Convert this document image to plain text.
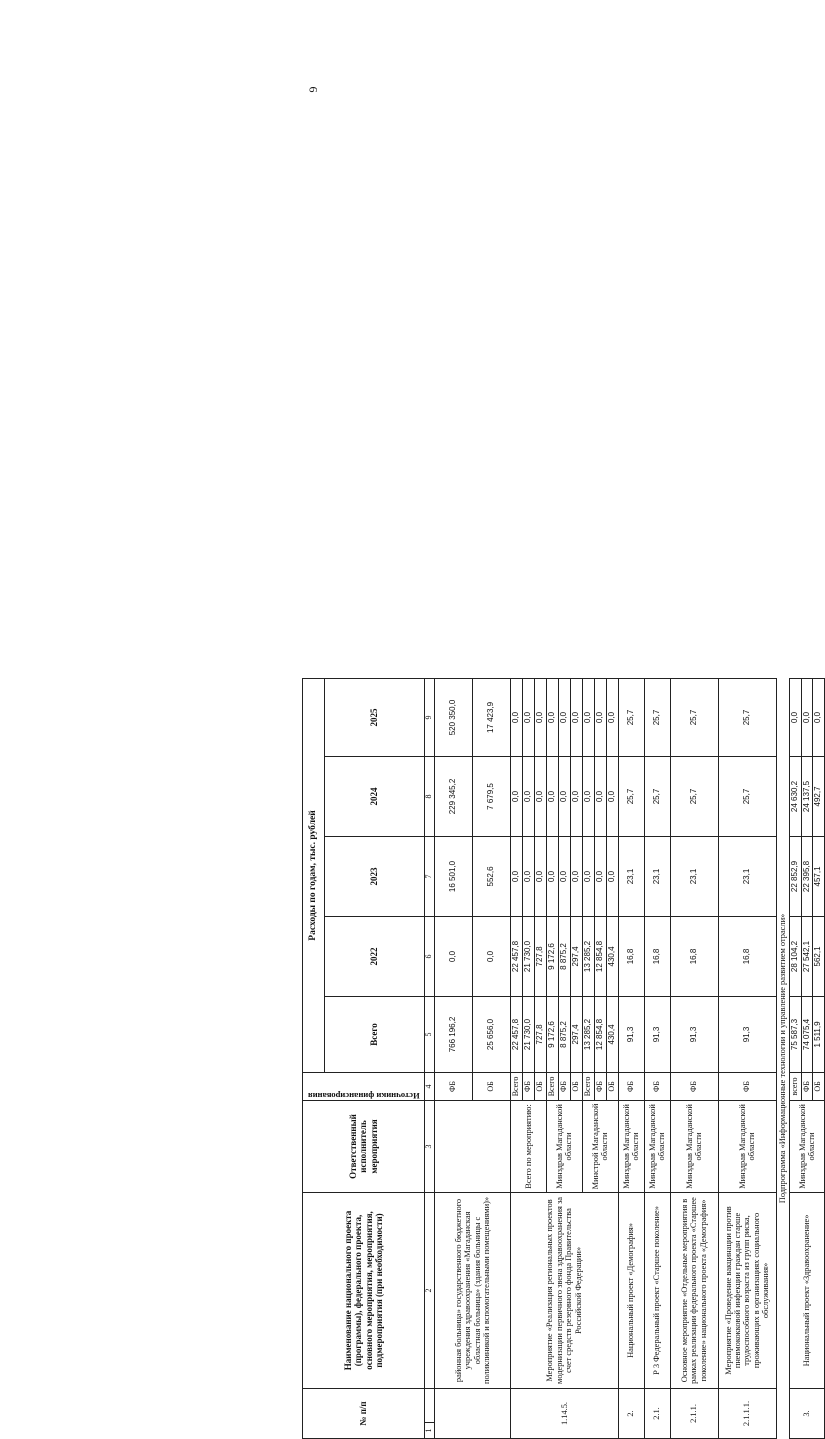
6
№ п/п		Наименование национального проекта (программы), федерального проекта, основного мероприятия, мероприятия, подмероприятия (при необходимости)	Ответственный исполнитель мероприятия	Источники финансирования	Расходы по годам, тыс. рублей				
					Всего	2022	2023	2024	2025
1		2	3	4	5	6	7	8	9
		районная больница» государственного бюджетного учреждения здравоохранения «Магаданская областная больница» (здания больницы с поликлиникой и вспомогательными помещениями)»		ФБ	766 196,2	0,0	16 501,0	229 345,2	520 350,0
				ОБ	25 656,0	0,0	552,6	7 679,5	17 423,9
1.14.5.		Мероприятие «Реализация региональных проектов модернизации первичного звена здравоохранения за счет средств резервного фонда Правительства Российской Федерации»	Всего по мероприятию:	Всего	22 457,8	22 457,8	0,0	0,0	0,0
				ФБ	21 730,0	21 730,0	0,0	0,0	0,0
				ОБ	727,8	727,8	0,0	0,0	0,0
			Минздрав Магаданской области	Всего	9 172,6	9 172,6	0,0	0,0	0,0
				ФБ	8 875,2	8 875,2	0,0	0,0	0,0
				ОБ	297,4	297,4	0,0	0,0	0,0
			Минстрой Магаданской области	Всего	13 285,2	13 285,2	0,0	0,0	0,0
				ФБ	12 854,8	12 854,8	0,0	0,0	0,0
				ОБ	430,4	430,4	0,0	0,0	0,0
2.		Национальный проект «Демография»	Минздрав Магаданской области	ФБ	91,3	16,8	23,1	25,7	25,7
2.1.		Р 3 Федеральный проект «Старшее поколение»	Минздрав Магаданской области	ФБ	91,3	16,8	23,1	25,7	25,7
2.1.1.		Основное мероприятие «Отдельные мероприятия в рамках реализации федерального проекта «Старшее поколение» национального проекта «Демография»	Минздрав Магаданской области	ФБ	91,3	16,8	23,1	25,7	25,7
2.1.1.1.		Мероприятие «Проведение вакцинации против пневмококковой инфекции граждан старше трудоспособного возраста из групп риска, проживающих в организациях социального обслуживания»	Минздрав Магаданской области	ФБ	91,3	16,8	23,1	25,7	25,7
Подпрограмма «Информационные технологии и управление развитием отрасли»									
3.		Национальный проект «Здравоохранение»	Минздрав Магаданской области	всего	75 587,3	28 104,2	22 852,9	24 630,2	0,0
				ФБ	74 075,4	27 542,1	22 395,8	24 137,5	0,0
				ОБ	1 511,9	562,1	457,1	492,7	0,0
